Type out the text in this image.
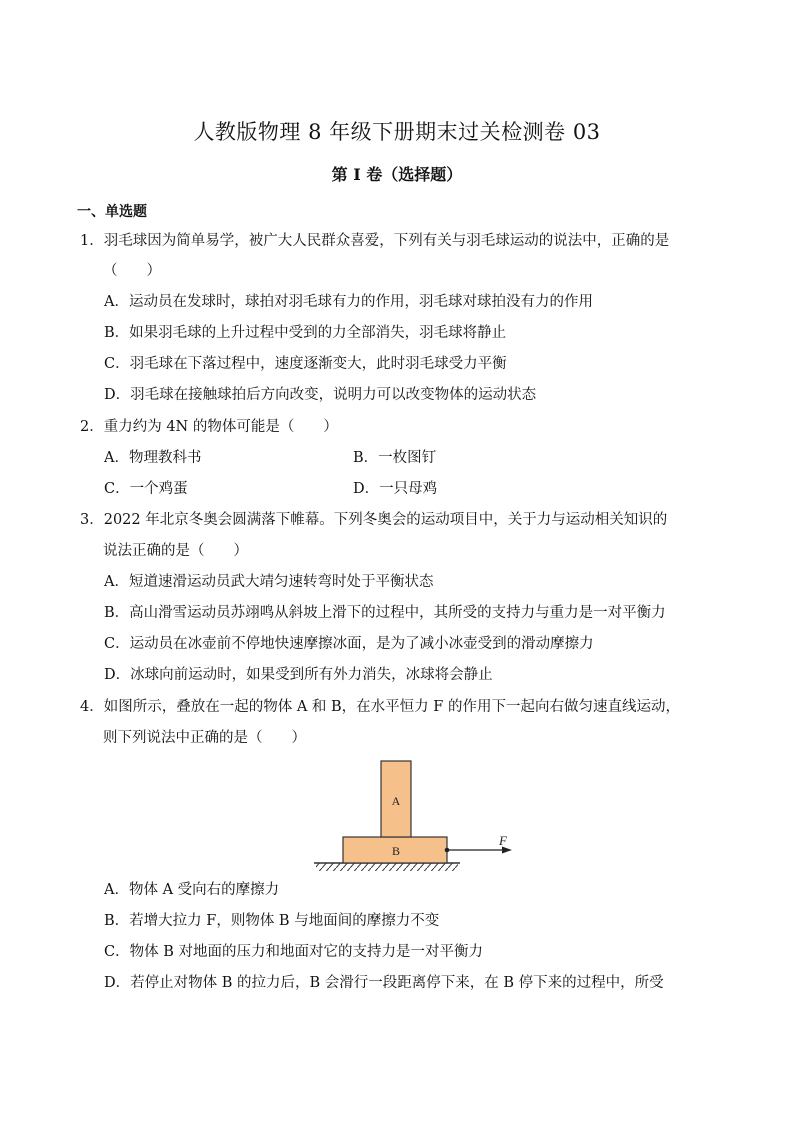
人教版物理 8 年级下册期末过关检测卷 03
第 I 卷（选择题）
一、单选题
1．羽毛球因为简单易学，被广大人民群众喜爱，下列有关与羽毛球运动的说法中，正确的是
（　　）
A．运动员在发球时，球拍对羽毛球有力的作用，羽毛球对球拍没有力的作用
B．如果羽毛球的上升过程中受到的力全部消失，羽毛球将静止
C．羽毛球在下落过程中，速度逐渐变大，此时羽毛球受力平衡
D．羽毛球在接触球拍后方向改变，说明力可以改变物体的运动状态
2．重力约为 4N 的物体可能是（　　）
A．物理教科书	B．一枚图钉
C．一个鸡蛋	D．一只母鸡
3．2022 年北京冬奥会圆满落下帷幕。下列冬奥会的运动项目中，关于力与运动相关知识的
说法正确的是（　　）
A．短道速滑运动员武大靖匀速转弯时处于平衡状态
B．高山滑雪运动员苏翊鸣从斜坡上滑下的过程中，其所受的支持力与重力是一对平衡力
C．运动员在冰壶前不停地快速摩擦冰面，是为了减小冰壶受到的滑动摩擦力
D．冰球向前运动时，如果受到所有外力消失，冰球将会静止
4．如图所示，叠放在一起的物体 A 和 B，在水平恒力 F 的作用下一起向右做匀速直线运动，
则下列说法中正确的是（　　）
B
A
F
A．物体 A 受向右的摩擦力
B．若增大拉力 F，则物体 B 与地面间的摩擦力不变
C．物体 B 对地面的压力和地面对它的支持力是一对平衡力
D．若停止对物体 B 的拉力后，B 会滑行一段距离停下来，在 B 停下来的过程中，所受
